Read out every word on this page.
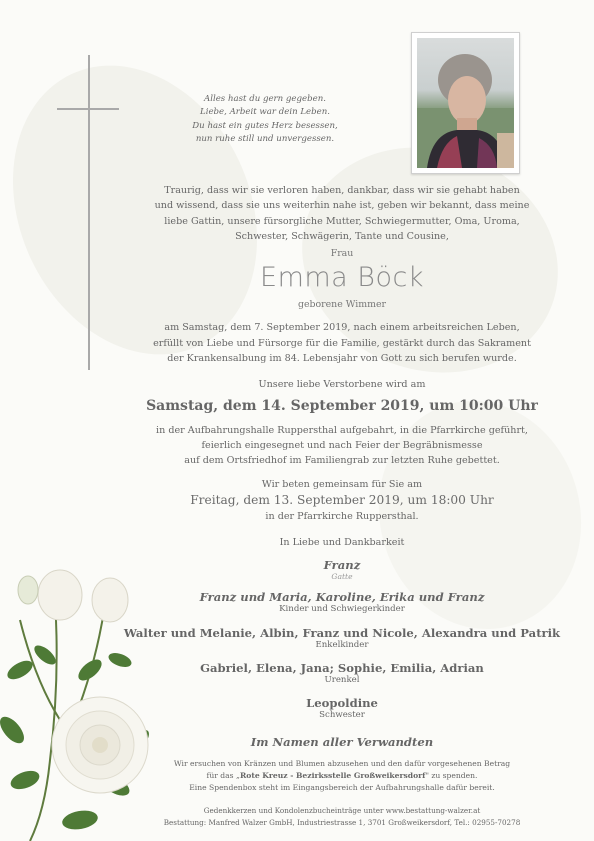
Alles hast du gern gegeben.
Liebe, Arbeit war dein Leben.
Du hast ein gutes Herz besessen,
nun ruhe still und unvergessen.
Traurig, dass wir sie verloren haben, dankbar, dass wir sie gehabt haben
und wissend, dass sie uns weiterhin nahe ist, geben wir bekannt, dass meine
liebe Gattin, unsere fürsorgliche Mutter, Schwiegermutter, Oma, Uroma,
Schwester, Schwägerin, Tante und Cousine,
Frau
Emma Böck
geborene Wimmer
am Samstag, dem 7. September 2019, nach einem arbeitsreichen Leben,
erfüllt von Liebe und Fürsorge für die Familie, gestärkt durch das Sakrament
der Krankensalbung im 84. Lebensjahr von Gott zu sich berufen wurde.
Unsere liebe Verstorbene wird am
Samstag, dem 14. September 2019, um 10:00 Uhr
in der Aufbahrungshalle Ruppersthal aufgebahrt, in die Pfarrkirche geführt,
feierlich eingesegnet und nach Feier der Begräbnismesse
auf dem Ortsfriedhof im Familiengrab zur letzten Ruhe gebettet.
Wir beten gemeinsam für Sie am
Freitag, dem 13. September 2019, um 18:00 Uhr
in der Pfarrkirche Ruppersthal.
In Liebe und Dankbarkeit
Franz
Gatte
Franz und Maria, Karoline, Erika und Franz
Kinder und Schwiegerkinder
Walter und Melanie, Albin, Franz und Nicole, Alexandra und Patrik
Enkelkinder
Gabriel, Elena, Jana; Sophie, Emilia, Adrian
Urenkel
Leopoldine
Schwester
Im Namen aller Verwandten
Wir ersuchen von Kränzen und Blumen abzusehen und den dafür vorgesehenen Betrag
für das „Rote Kreuz - Bezirksstelle Großweikersdorf" zu spenden.
Eine Spendenbox steht im Eingangsbereich der Aufbahrungshalle dafür bereit.
Gedenkkerzen und Kondolenzbucheinträge unter www.bestattung-walzer.at
Bestattung: Manfred Walzer GmbH, Industriestrasse 1, 3701 Großweikersdorf, Tel.: 02955-70278
